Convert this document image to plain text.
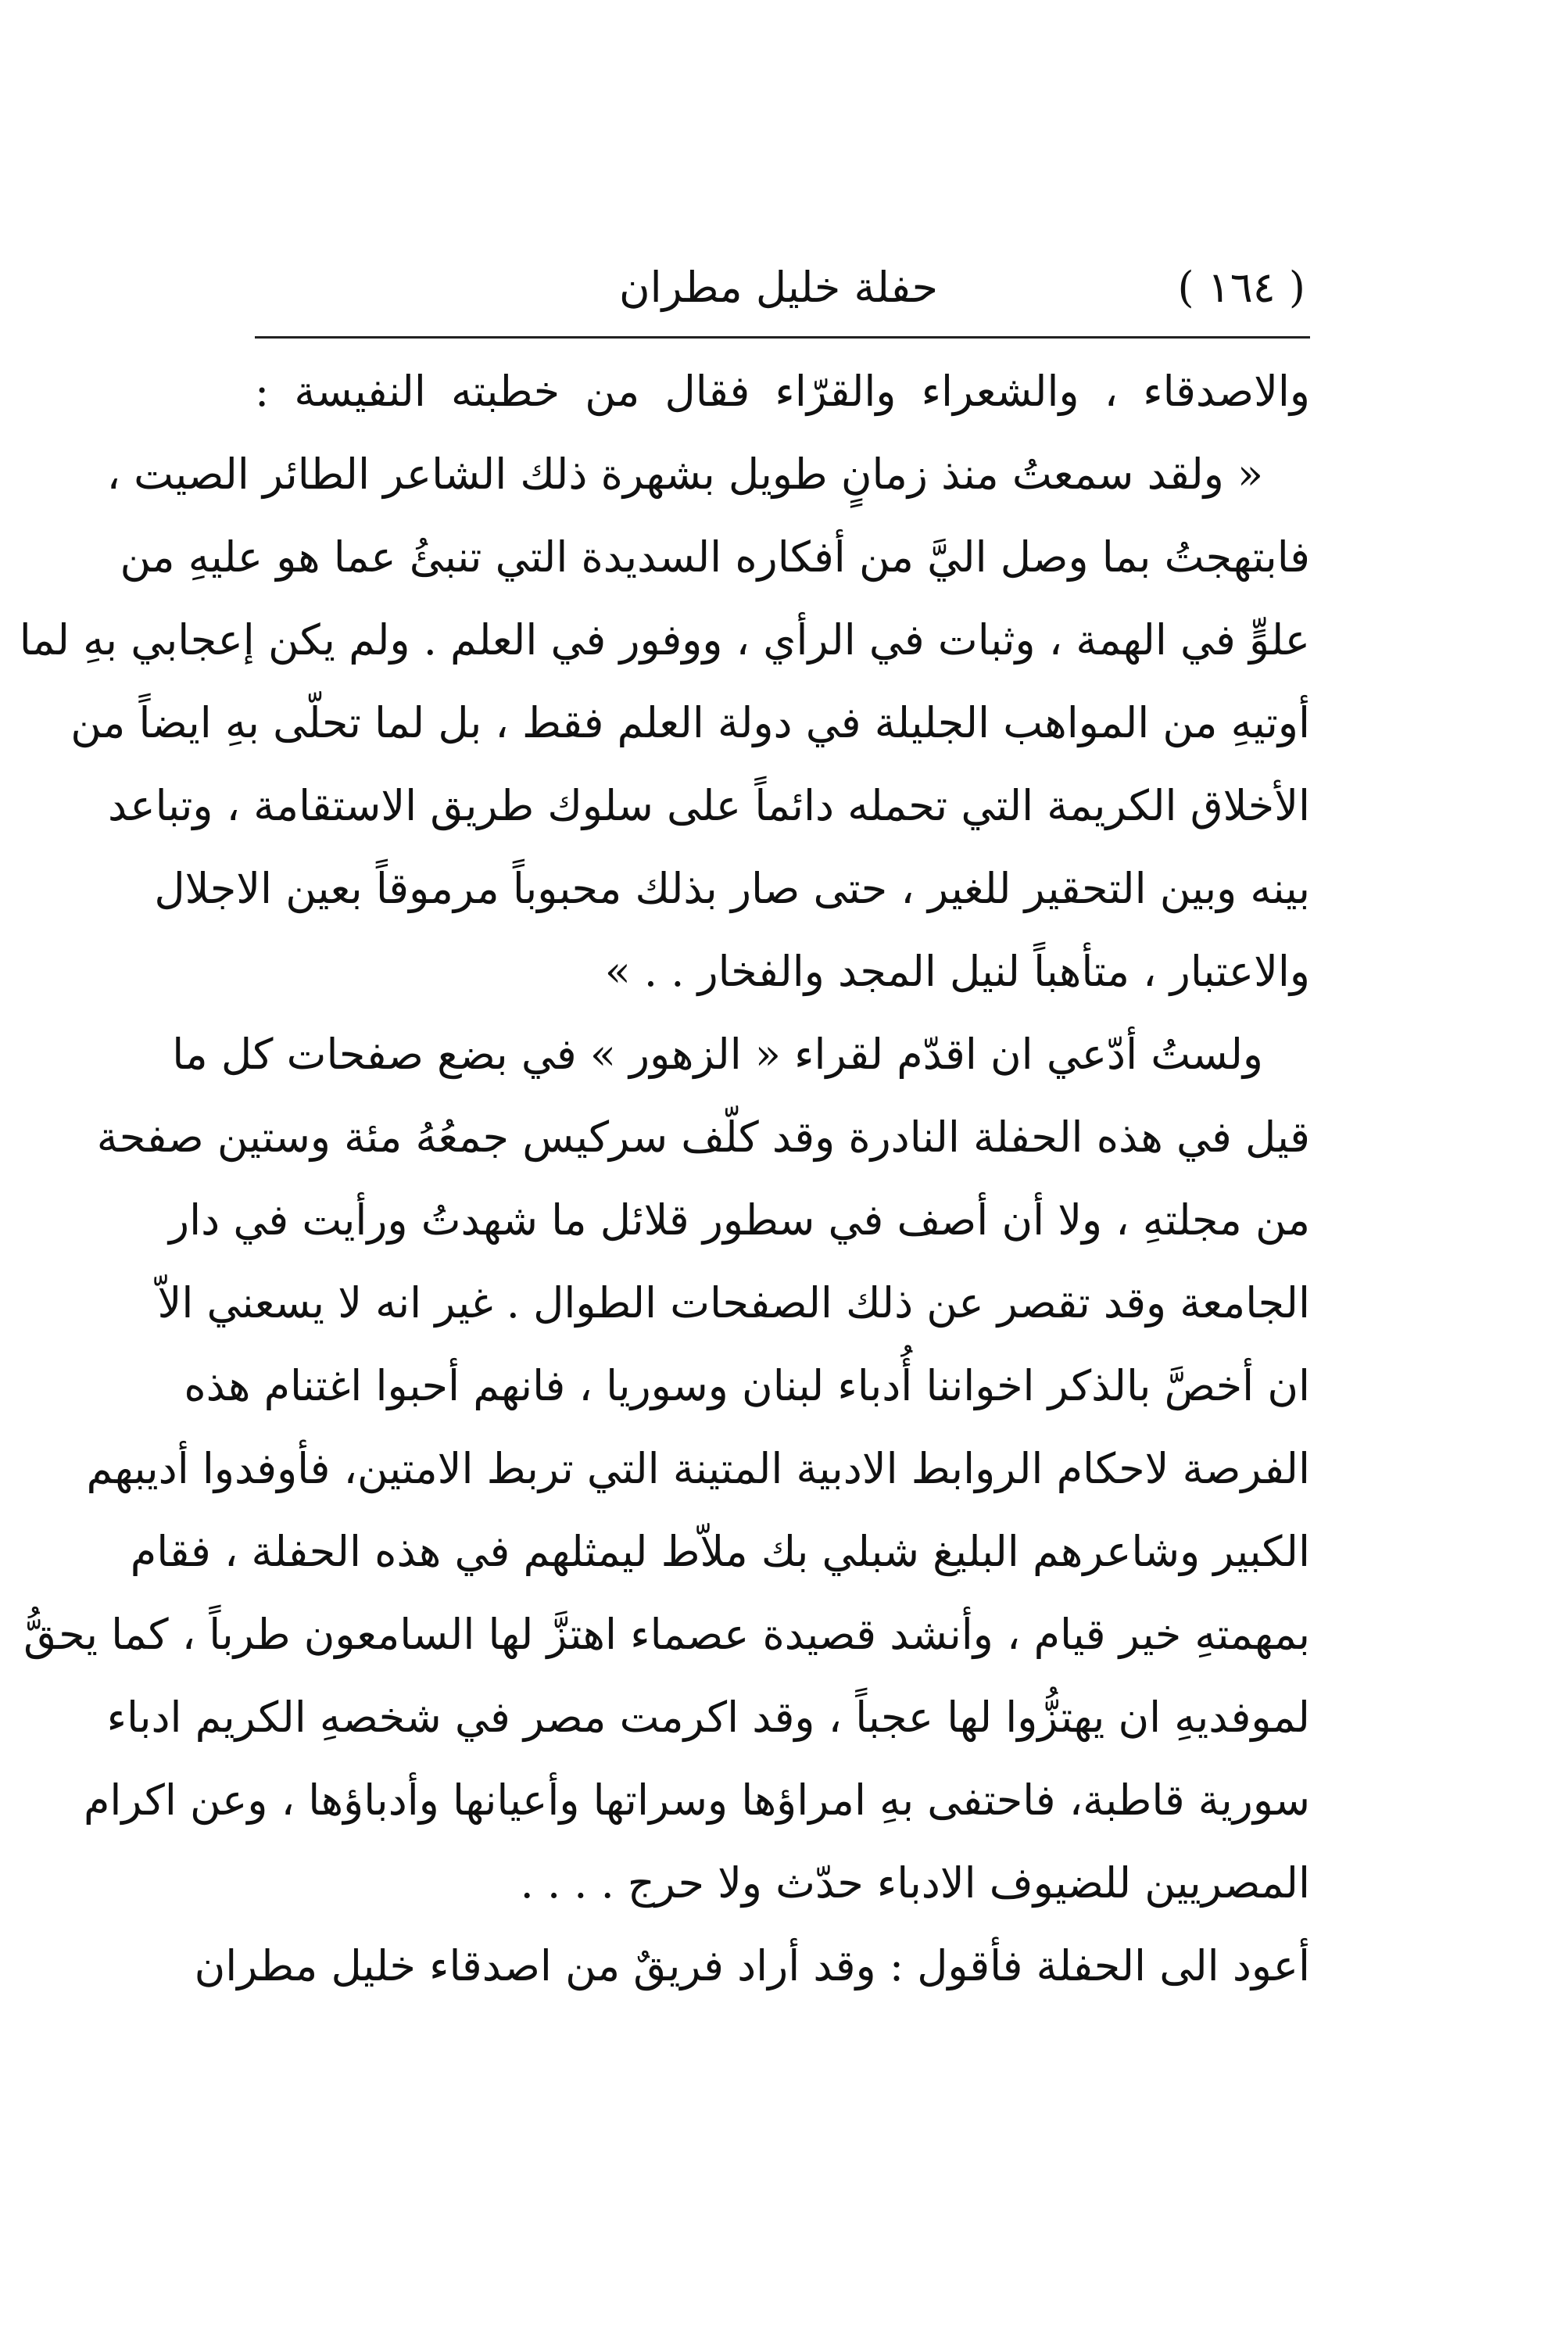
( ١٦٤ )
حفلة خليل مطران
والاصدقاء ، والشعراء والقرّاء فقال من خطبته النفيسة :
« ولقد سمعتُ منذ زمانٍ طويل بشهرة ذلك الشاعر الطائر الصيت ،
فابتهجتُ بما وصل اليَّ من أفكاره السديدة التي تنبئُ عما هو عليهِ من
علوٍّ في الهمة ، وثبات في الرأي ، ووفور في العلم . ولم يكن إعجابي بهِ لما
أوتيهِ من المواهب الجليلة في دولة العلم فقط ، بل لما تحلّى بهِ ايضاً من
الأخلاق الكريمة التي تحمله دائماً على سلوك طريق الاستقامة ، وتباعد
بينه وبين التحقير للغير ، حتى صار بذلك محبوباً مرموقاً بعين الاجلال
والاعتبار ، متأهباً لنيل المجد والفخار . . »
ولستُ أدّعي ان اقدّم لقراء « الزهور » في بضع صفحات كل ما
قيل في هذه الحفلة النادرة وقد كلّف سركيس جمعُهُ مئة وستين صفحة
من مجلتهِ ، ولا أن أصف في سطور قلائل ما شهدتُ ورأيت في دار
الجامعة وقد تقصر عن ذلك الصفحات الطوال . غير انه لا يسعني الاّ
ان أخصَّ بالذكر اخواننا أُدباء لبنان وسوريا ، فانهم أحبوا اغتنام هذه
الفرصة لاحكام الروابط الادبية المتينة التي تربط الامتين، فأوفدوا أديبهم
الكبير وشاعرهم البليغ شبلي بك ملاّط ليمثلهم في هذه الحفلة ، فقام
بمهمتهِ خير قيام ، وأنشد قصيدة عصماء اهتزَّ لها السامعون طرباً ، كما يحقُّ
لموفديهِ ان يهتزُّوا لها عجباً ، وقد اكرمت مصر في شخصهِ الكريم ادباء
سورية قاطبة، فاحتفى بهِ امراؤها وسراتها وأعيانها وأدباؤها ، وعن اكرام
المصريين للضيوف الادباء حدّث ولا حرج . . . .
أعود الى الحفلة فأقول : وقد أراد فريقٌ من اصدقاء خليل مطران
